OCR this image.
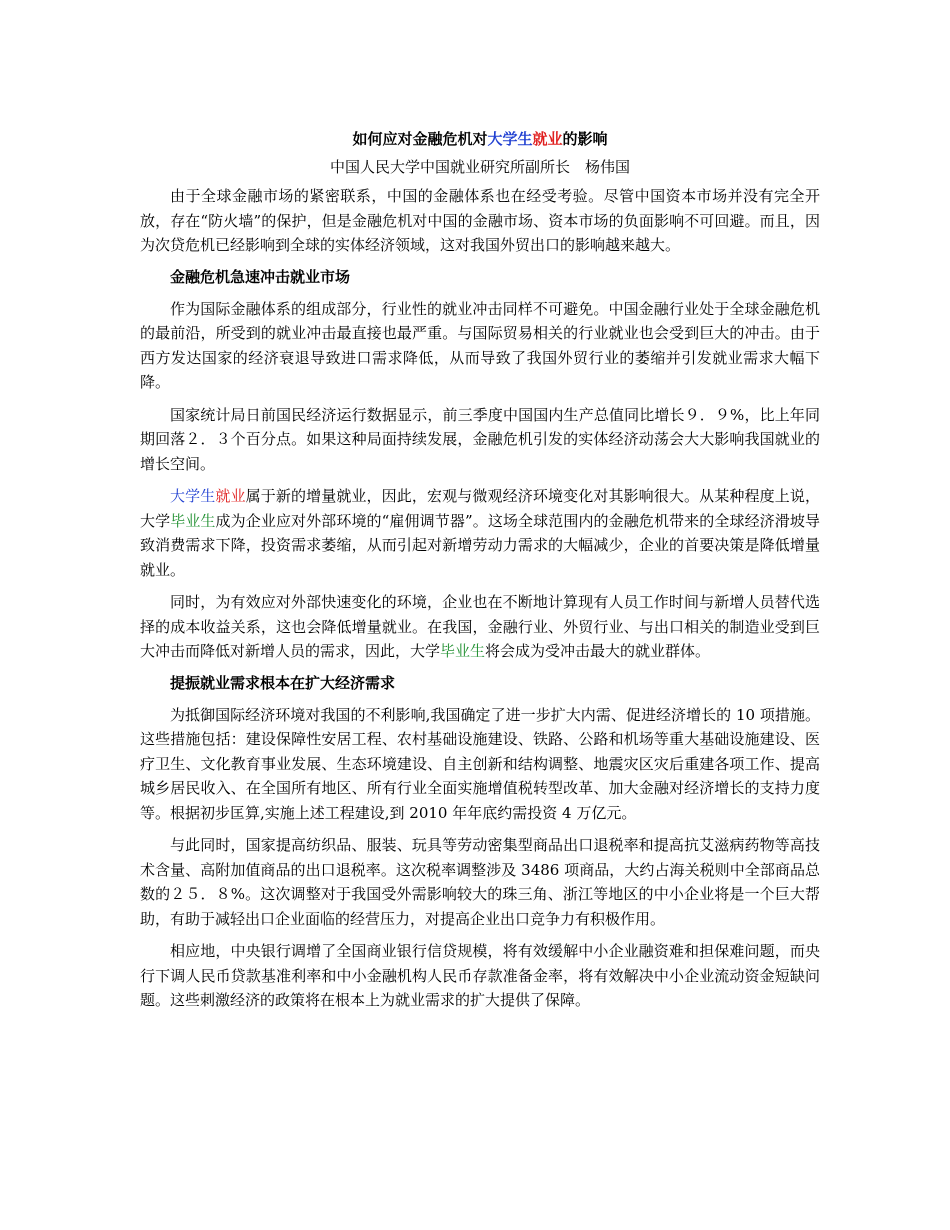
如何应对金融危机对大学生就业的影响

中国人民大学中国就业研究所副所长　杨伟国

由于全球金融市场的紧密联系，中国的金融体系也在经受考验。尽管中国资本市场并没有完全开放，存在“防火墙”的保护，但是金融危机对中国的金融市场、资本市场的负面影响不可回避。而且，因为次贷危机已经影响到全球的实体经济领域，这对我国外贸出口的影响越来越大。

金融危机急速冲击就业市场

作为国际金融体系的组成部分，行业性的就业冲击同样不可避免。中国金融行业处于全球金融危机的最前沿，所受到的就业冲击最直接也最严重。与国际贸易相关的行业就业也会受到巨大的冲击。由于西方发达国家的经济衰退导致进口需求降低，从而导致了我国外贸行业的萎缩并引发就业需求大幅下降。

国家统计局日前国民经济运行数据显示，前三季度中国国内生产总值同比增长９．９%，比上年同期回落２．３个百分点。如果这种局面持续发展，金融危机引发的实体经济动荡会大大影响我国就业的增长空间。

大学生就业属于新的增量就业，因此，宏观与微观经济环境变化对其影响很大。从某种程度上说，大学毕业生成为企业应对外部环境的“雇佣调节器”。这场全球范围内的金融危机带来的全球经济滑坡导致消费需求下降，投资需求萎缩，从而引起对新增劳动力需求的大幅减少，企业的首要决策是降低增量就业。

同时，为有效应对外部快速变化的环境，企业也在不断地计算现有人员工作时间与新增人员替代选择的成本收益关系，这也会降低增量就业。在我国，金融行业、外贸行业、与出口相关的制造业受到巨大冲击而降低对新增人员的需求，因此，大学毕业生将会成为受冲击最大的就业群体。

提振就业需求根本在扩大经济需求

为抵御国际经济环境对我国的不利影响,我国确定了进一步扩大内需、促进经济增长的 10 项措施。这些措施包括：建设保障性安居工程、农村基础设施建设、铁路、公路和机场等重大基础设施建设、医疗卫生、文化教育事业发展、生态环境建设、自主创新和结构调整、地震灾区灾后重建各项工作、提高城乡居民收入、在全国所有地区、所有行业全面实施增值税转型改革、加大金融对经济增长的支持力度等。根据初步匡算,实施上述工程建设,到 2010 年年底约需投资 4 万亿元。

与此同时，国家提高纺织品、服装、玩具等劳动密集型商品出口退税率和提高抗艾滋病药物等高技术含量、高附加值商品的出口退税率。这次税率调整涉及 3486 项商品，大约占海关税则中全部商品总数的２５．８%。这次调整对于我国受外需影响较大的珠三角、浙江等地区的中小企业将是一个巨大帮助，有助于减轻出口企业面临的经营压力，对提高企业出口竞争力有积极作用。

相应地，中央银行调增了全国商业银行信贷规模，将有效缓解中小企业融资难和担保难问题，而央行下调人民币贷款基准利率和中小金融机构人民币存款准备金率，将有效解决中小企业流动资金短缺问题。这些刺激经济的政策将在根本上为就业需求的扩大提供了保障。
